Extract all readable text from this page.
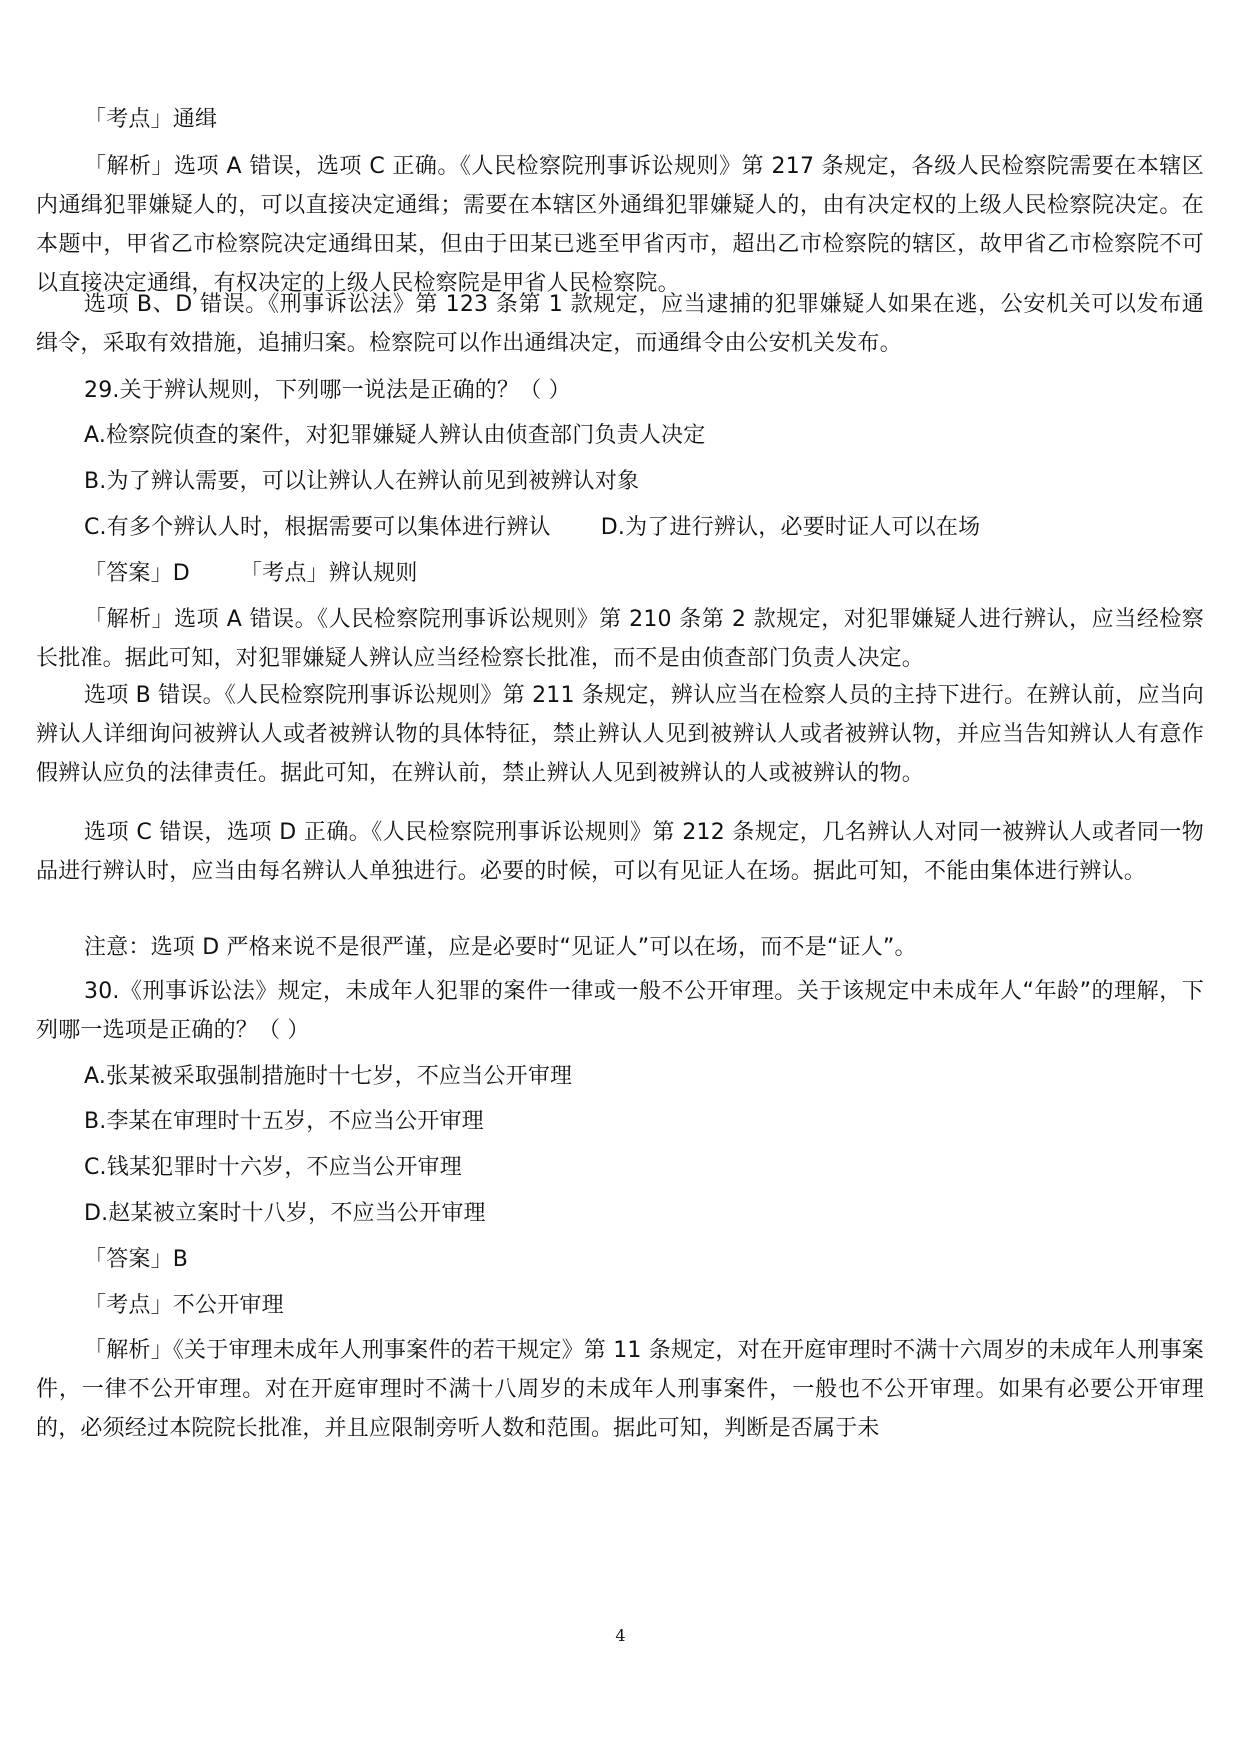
「考点」通缉

「解析」选项 A 错误，选项 C 正确。《人民检察院刑事诉讼规则》第 217 条规定，各级人民检察院需要在本辖区内通缉犯罪嫌疑人的，可以直接决定通缉；需要在本辖区外通缉犯罪嫌疑人的，由有决定权的上级人民检察院决定。在本题中，甲省乙市检察院决定通缉田某，但由于田某已逃至甲省丙市，超出乙市检察院的辖区，故甲省乙市检察院不可以直接决定通缉，有权决定的上级人民检察院是甲省人民检察院。

选项 B、D 错误。《刑事诉讼法》第 123 条第 1 款规定，应当逮捕的犯罪嫌疑人如果在逃，公安机关可以发布通缉令，采取有效措施，追捕归案。检察院可以作出通缉决定，而通缉令由公安机关发布。

29.关于辨认规则，下列哪一说法是正确的？（ ）

A.检察院侦查的案件，对犯罪嫌疑人辨认由侦查部门负责人决定

B.为了辨认需要，可以让辨认人在辨认前见到被辨认对象

C.有多个辨认人时，根据需要可以集体进行辨认 D.为了进行辨认，必要时证人可以在场

「答案」D 「考点」辨认规则

「解析」选项 A 错误。《人民检察院刑事诉讼规则》第 210 条第 2 款规定，对犯罪嫌疑人进行辨认，应当经检察长批准。据此可知，对犯罪嫌疑人辨认应当经检察长批准，而不是由侦查部门负责人决定。

选项 B 错误。《人民检察院刑事诉讼规则》第 211 条规定，辨认应当在检察人员的主持下进行。在辨认前，应当向辨认人详细询问被辨认人或者被辨认物的具体特征，禁止辨认人见到被辨认人或者被辨认物，并应当告知辨认人有意作假辨认应负的法律责任。据此可知，在辨认前，禁止辨认人见到被辨认的人或被辨认的物。

选项 C 错误，选项 D 正确。《人民检察院刑事诉讼规则》第 212 条规定，几名辨认人对同一被辨认人或者同一物品进行辨认时，应当由每名辨认人单独进行。必要的时候，可以有见证人在场。据此可知，不能由集体进行辨认。

注意：选项 D 严格来说不是很严谨，应是必要时“见证人”可以在场，而不是“证人”。

30.《刑事诉讼法》规定，未成年人犯罪的案件一律或一般不公开审理。关于该规定中未成年人“年龄”的理解，下列哪一选项是正确的？（ ）

A.张某被采取强制措施时十七岁，不应当公开审理

B.李某在审理时十五岁，不应当公开审理

C.钱某犯罪时十六岁，不应当公开审理

D.赵某被立案时十八岁，不应当公开审理

「答案」B

「考点」不公开审理

「解析」《关于审理未成年人刑事案件的若干规定》第 11 条规定，对在开庭审理时不满十六周岁的未成年人刑事案件，一律不公开审理。对在开庭审理时不满十八周岁的未成年人刑事案件，一般也不公开审理。如果有必要公开审理的，必须经过本院院长批准，并且应限制旁听人数和范围。据此可知，判断是否属于未

4
